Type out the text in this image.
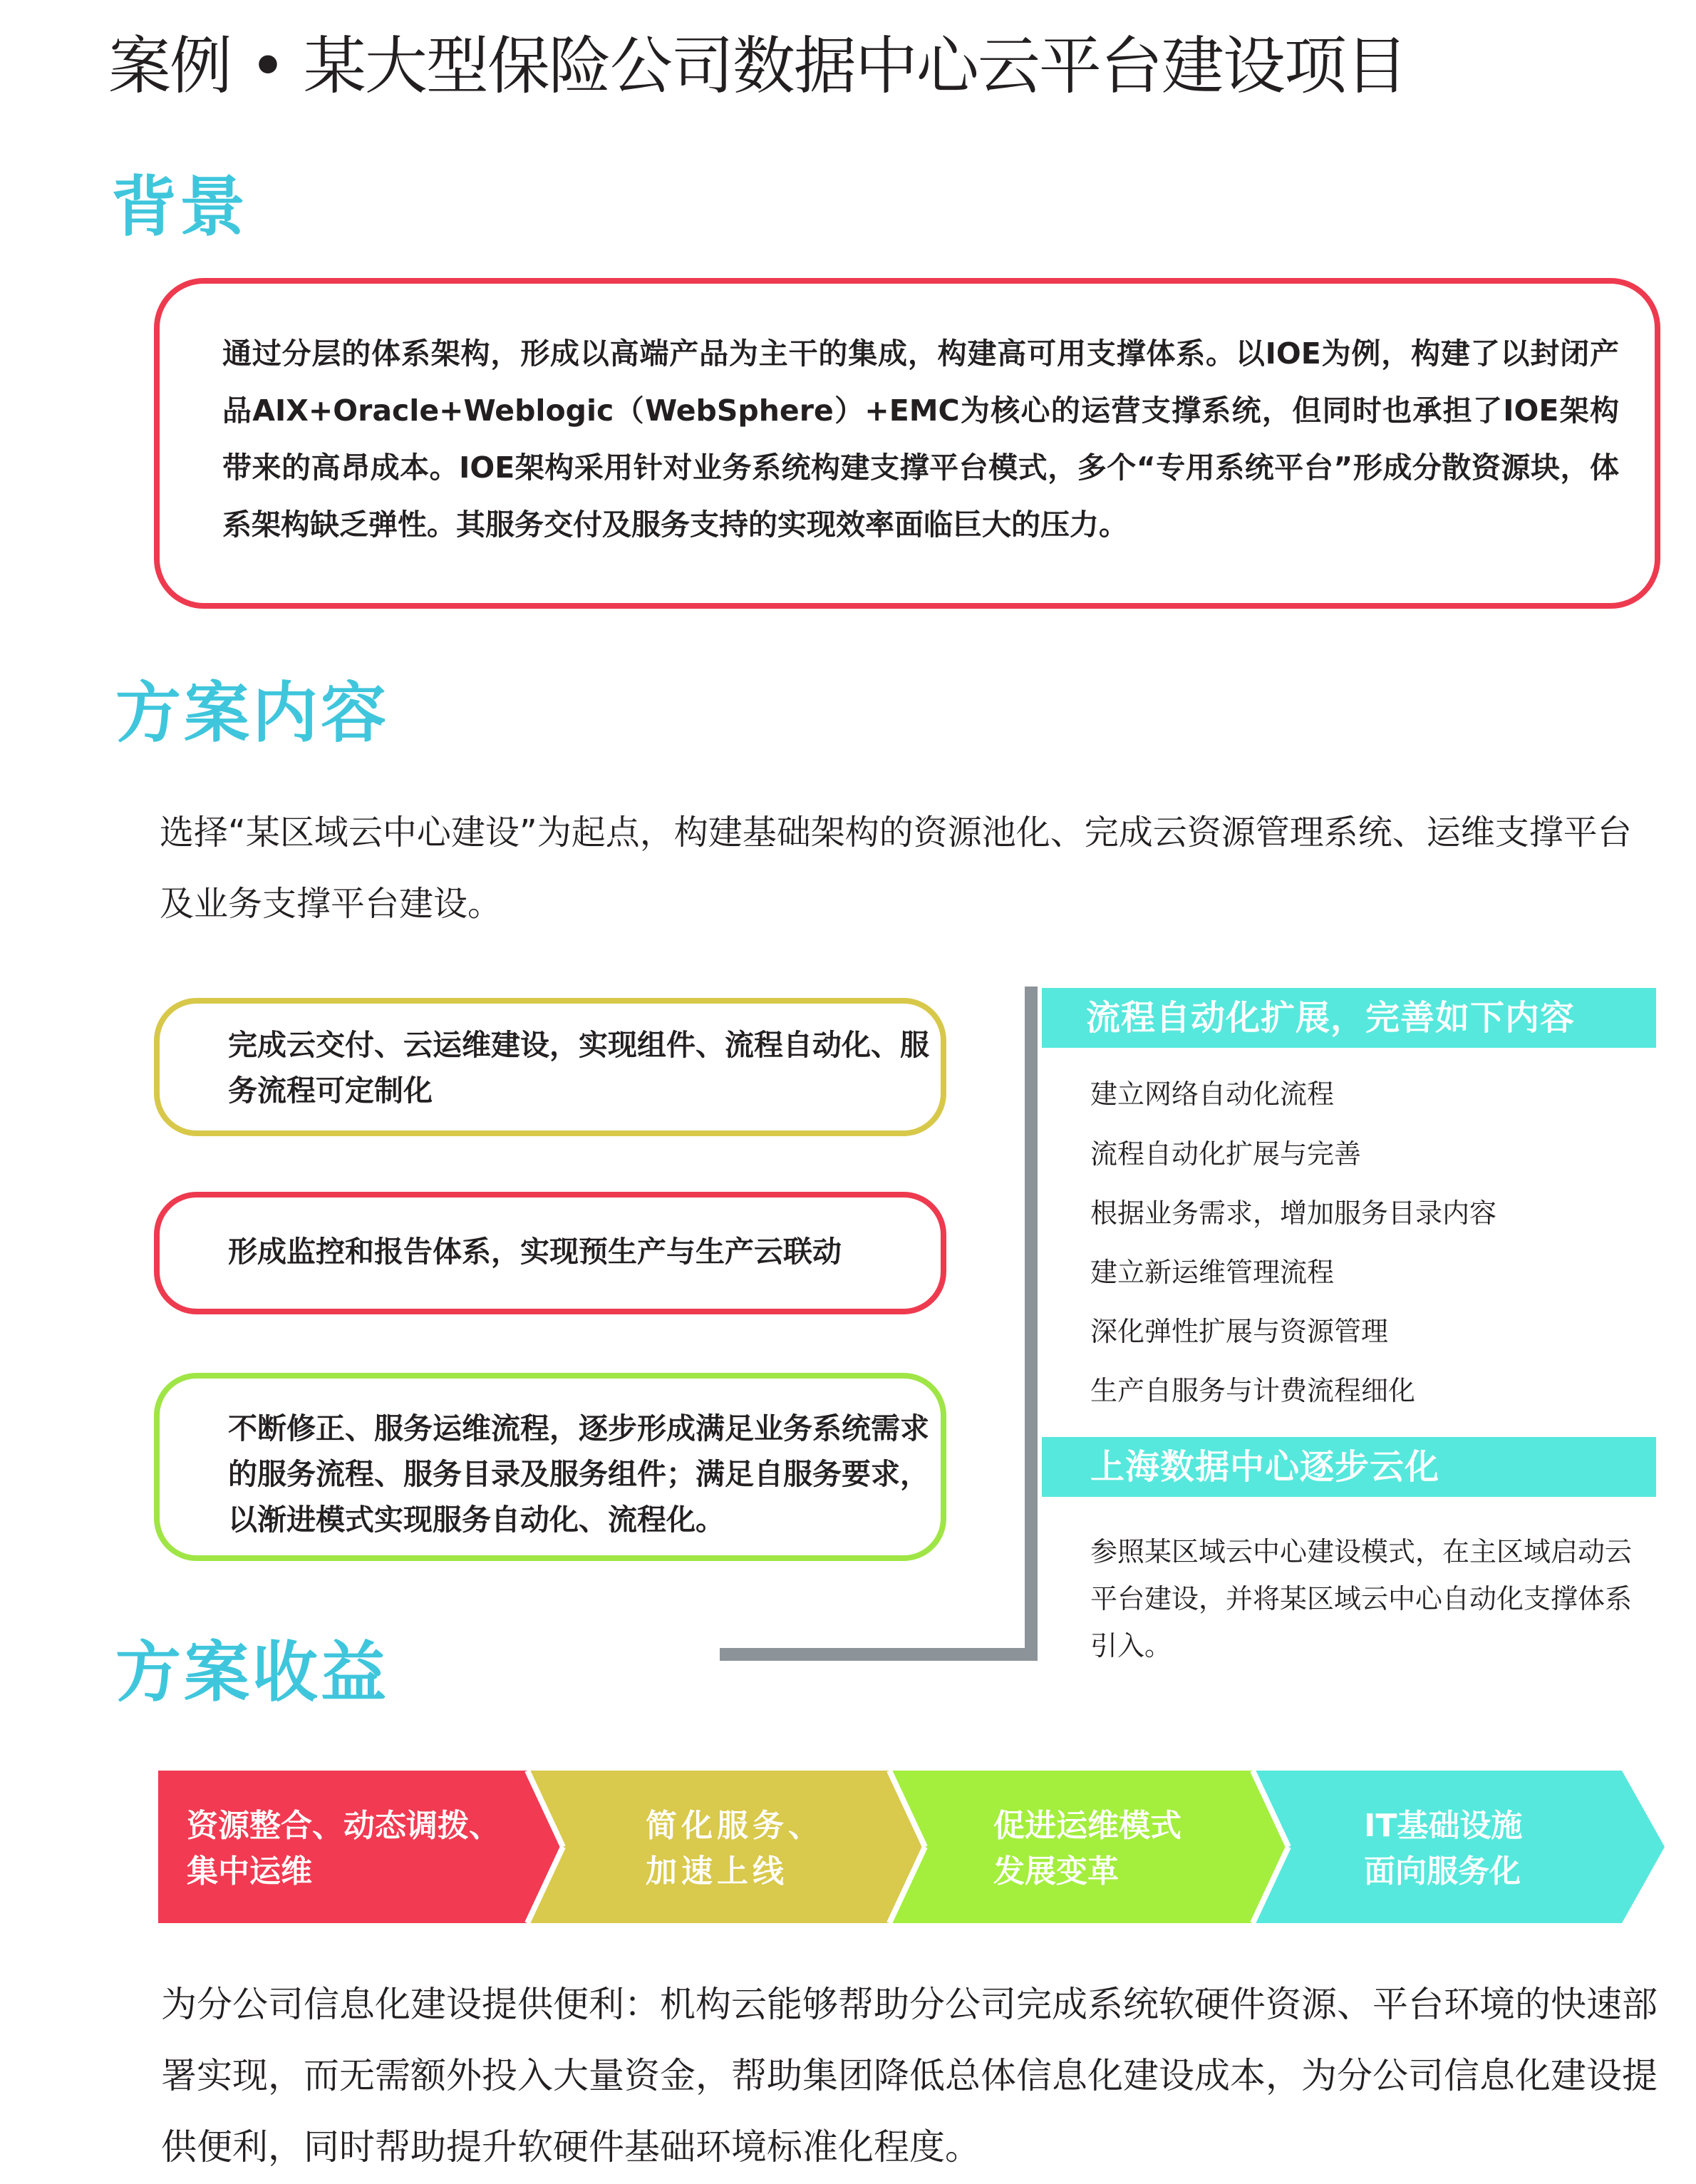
案例 • 某大型保险公司数据中心云平台建设项目
背景
通过分层的体系架构，形成以高端产品为主干的集成，构建高可用支撑体系。以IOE为例，构建了以封闭产品AIX+Oracle+Weblogic（WebSphere）+EMC为核心的运营支撑系统，但同时也承担了IOE架构带来的高昂成本。IOE架构采用针对业务系统构建支撑平台模式，多个“专用系统平台”形成分散资源块，体系架构缺乏弹性。其服务交付及服务支持的实现效率面临巨大的压力。
方案内容
选择“某区域云中心建设”为起点，构建基础架构的资源池化、完成云资源管理系统、运维支撑平台及业务支撑平台建设。
完成云交付、云运维建设，实现组件、流程自动化、服务流程可定制化
形成监控和报告体系，实现预生产与生产云联动
不断修正、服务运维流程，逐步形成满足业务系统需求的服务流程、服务目录及服务组件；满足自服务要求，以渐进模式实现服务自动化、流程化。
流程自动化扩展，完善如下内容
建立网络自动化流程
流程自动化扩展与完善
根据业务需求，增加服务目录内容
建立新运维管理流程
深化弹性扩展与资源管理
生产自服务与计费流程细化
上海数据中心逐步云化
参照某区域云中心建设模式，在主区域启动云平台建设，并将某区域云中心自动化支撑体系引入。
方案收益
资源整合、动态调拨、
集中运维
简化服务、
加速上线
促进运维模式
发展变革
IT基础设施
面向服务化
为分公司信息化建设提供便利：机构云能够帮助分公司完成系统软硬件资源、平台环境的快速部署实现，而无需额外投入大量资金，帮助集团降低总体信息化建设成本，为分公司信息化建设提供便利，同时帮助提升软硬件基础环境标准化程度。
